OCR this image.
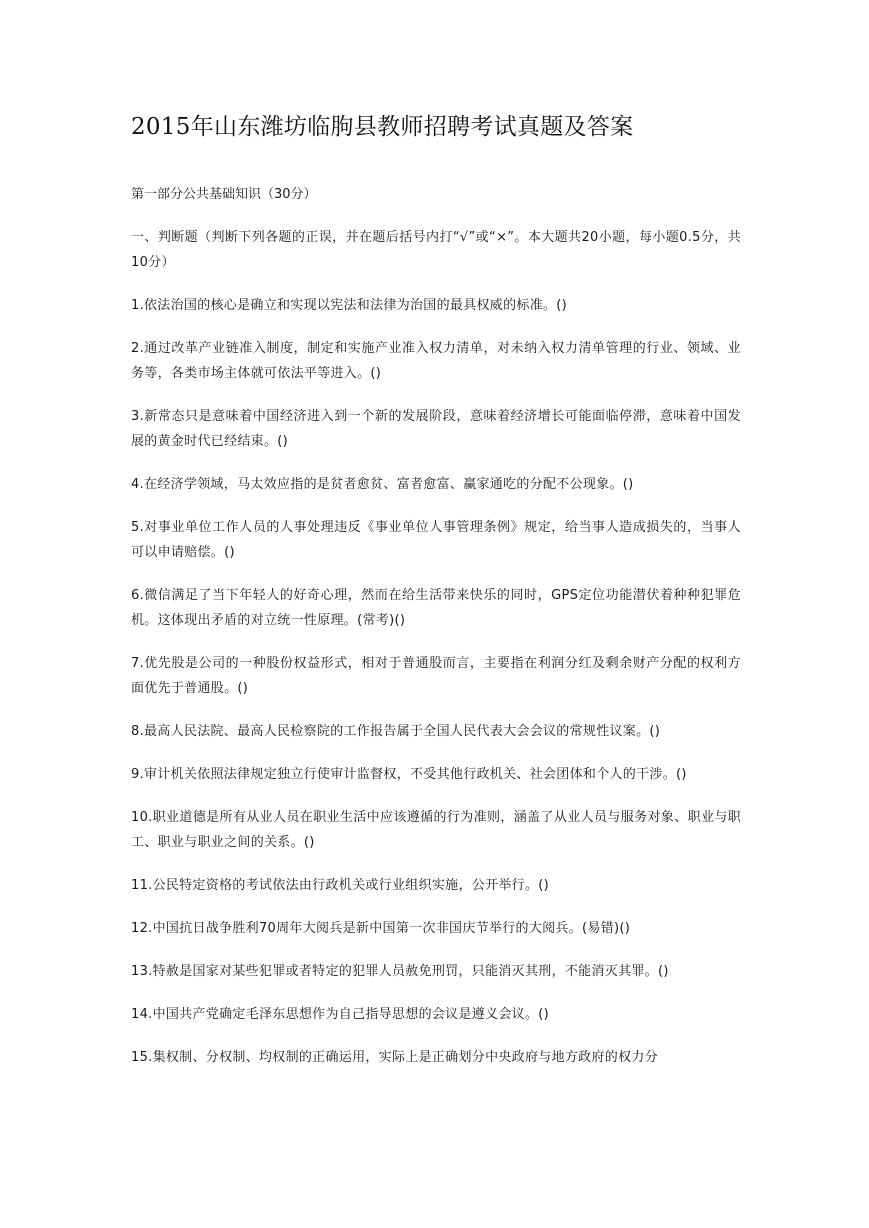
2015年山东潍坊临朐县教师招聘考试真题及答案
第一部分公共基础知识（30分）
一、判断题（判断下列各题的正误，并在题后括号内打“√”或“×”。本大题共20小题，每小题0.5分，共10分）
1.依法治国的核心是确立和实现以宪法和法律为治国的最具权威的标准。()
2.通过改革产业链准入制度，制定和实施产业准入权力清单，对未纳入权力清单管理的行业、领域、业务等，各类市场主体就可依法平等进入。()
3.新常态只是意味着中国经济进入到一个新的发展阶段，意味着经济增长可能面临停滞，意味着中国发展的黄金时代已经结束。()
4.在经济学领域，马太效应指的是贫者愈贫、富者愈富、赢家通吃的分配不公现象。()
5.对事业单位工作人员的人事处理违反《事业单位人事管理条例》规定，给当事人造成损失的，当事人可以申请赔偿。()
6.微信满足了当下年轻人的好奇心理，然而在给生活带来快乐的同时，GPS定位功能潜伏着种种犯罪危机。这体现出矛盾的对立统一性原理。(常考)()
7.优先股是公司的一种股份权益形式，相对于普通股而言，主要指在利润分红及剩余财产分配的权利方面优先于普通股。()
8.最高人民法院、最高人民检察院的工作报告属于全国人民代表大会会议的常规性议案。()
9.审计机关依照法律规定独立行使审计监督权，不受其他行政机关、社会团体和个人的干涉。()
10.职业道德是所有从业人员在职业生活中应该遵循的行为准则，涵盖了从业人员与服务对象、职业与职工、职业与职业之间的关系。()
11.公民特定资格的考试依法由行政机关或行业组织实施，公开举行。()
12.中国抗日战争胜利70周年大阅兵是新中国第一次非国庆节举行的大阅兵。(易错)()
13.特赦是国家对某些犯罪或者特定的犯罪人员赦免刑罚，只能消灭其刑，不能消灭其罪。()
14.中国共产党确定毛泽东思想作为自己指导思想的会议是遵义会议。()
15.集权制、分权制、均权制的正确运用，实际上是正确划分中央政府与地方政府的权力分
